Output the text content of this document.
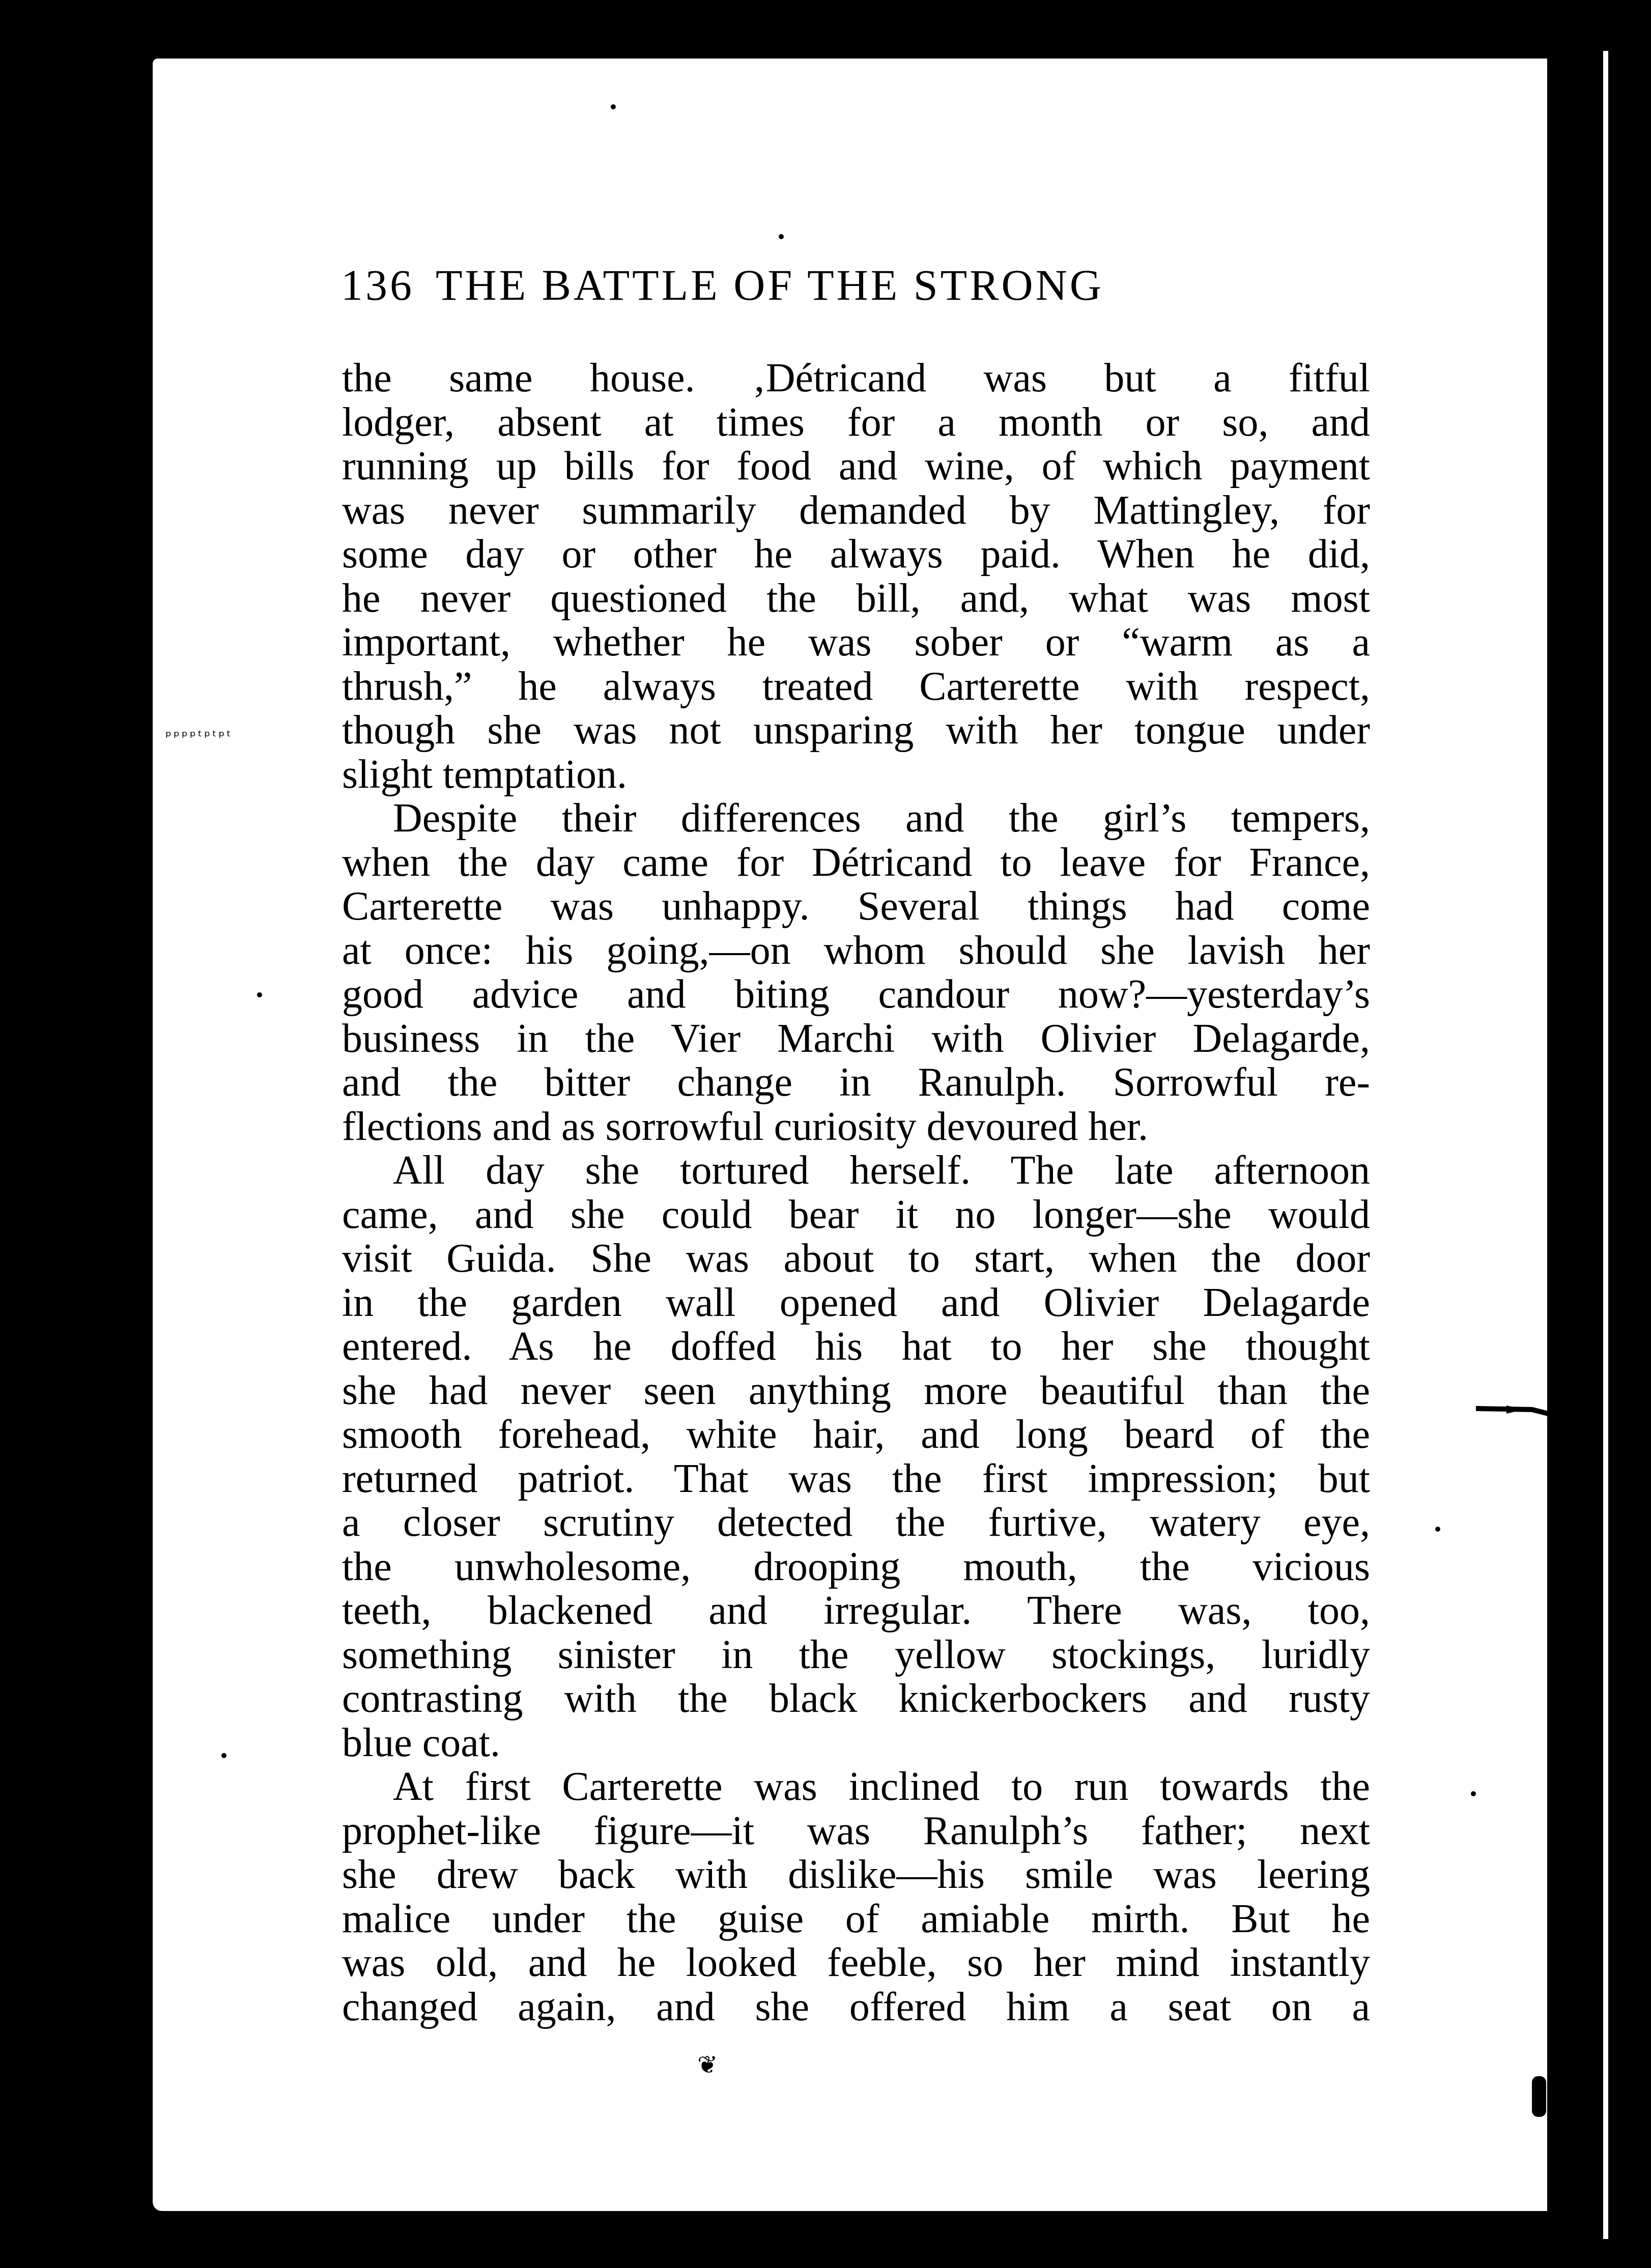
136 THE BATTLE OF THE STRONG
the same house. ‚Détricand was but a fitful
lodger, absent at times for a month or so, and
running up bills for food and wine, of which payment
was never summarily demanded by Mattingley, for
some day or other he always paid. When he did,
he never questioned the bill, and, what was most
important, whether he was sober or “warm as a
thrush,” he always treated Carterette with respect,
though she was not unsparing with her tongue under
slight temptation.
Despite their differences and the girl’s tempers,
when the day came for Détricand to leave for France,
Carterette was unhappy. Several things had come
at once: his going,—on whom should she lavish her
good advice and biting candour now?—yesterday’s
business in the Vier Marchi with Olivier Delagarde,
and the bitter change in Ranulph. Sorrowful re-
flections and as sorrowful curiosity devoured her.
All day she tortured herself. The late afternoon
came, and she could bear it no longer—she would
visit Guida. She was about to start, when the door
in the garden wall opened and Olivier Delagarde
entered. As he doffed his hat to her she thought
she had never seen anything more beautiful than the
smooth forehead, white hair, and long beard of the
returned patriot. That was the first impression; but
a closer scrutiny detected the furtive, watery eye,
the unwholesome, drooping mouth, the vicious
teeth, blackened and irregular. There was, too,
something sinister in the yellow stockings, luridly
contrasting with the black knickerbockers and rusty
blue coat.
At first Carterette was inclined to run towards the
prophet-like figure—it was Ranulph’s father; next
she drew back with dislike—his smile was leering
malice under the guise of amiable mirth. But he
was old, and he looked feeble, so her mind instantly
changed again, and she offered him a seat on a
ᵖᵖᵖᵖᵗᵖᵗᵖᵗ
❦
